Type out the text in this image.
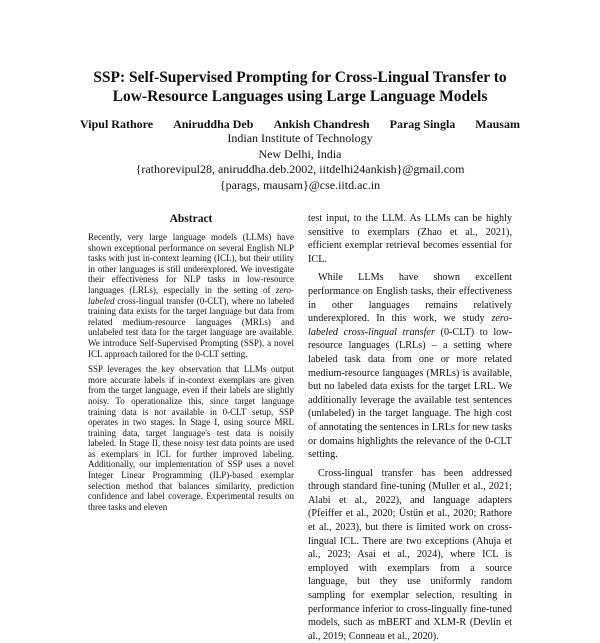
SSP: Self-Supervised Prompting for Cross-Lingual Transfer to
Low-Resource Languages using Large Language Models
Vipul Rathore Aniruddha Deb Ankish Chandresh Parag Singla Mausam
Indian Institute of Technology
New Delhi, India
{rathorevipul28, aniruddha.deb.2002, iitdelhi24ankish}@gmail.com
{parags, mausam}@cse.iitd.ac.in
Abstract

Recently, very large language models (LLMs) have shown exceptional performance on several English NLP tasks with just in-context learning (ICL), but their utility in other languages is still underexplored. We investigate their effectiveness for NLP tasks in low-resource languages (LRLs), especially in the setting of zero-labeled cross-lingual transfer (0-CLT), where no labeled training data exists for the target language but data from related medium-resource languages (MRLs) and unlabeled test data for the target language are available. We introduce Self-Supervised Prompting (SSP), a novel ICL approach tailored for the 0-CLT setting.

SSP leverages the key observation that LLMs output more accurate labels if in-context exemplars are given from the target language, even if their labels are slightly noisy. To operationalize this, since target language training data is not available in 0-CLT setup, SSP operates in two stages. In Stage I, using source MRL training data, target language's test data is noisily labeled. In Stage II, these noisy test data points are used as exemplars in ICL for further improved labeling. Additionally, our implementation of SSP uses a novel Integer Linear Programming (ILP)-based exemplar selection method that balances similarity, prediction confidence and label coverage. Experimental results on three tasks and eleven

test input, to the LLM. As LLMs can be highly sensitive to exemplars (Zhao et al., 2021), efficient exemplar retrieval becomes essential for ICL.

While LLMs have shown excellent performance on English tasks, their effectiveness in other languages remains relatively underexplored. In this work, we study zero-labeled cross-lingual transfer (0-CLT) to low-resource languages (LRLs) – a setting where labeled task data from one or more related medium-resource languages (MRLs) is available, but no labeled data exists for the target LRL. We additionally leverage the available test sentences (unlabeled) in the target language. The high cost of annotating the sentences in LRLs for new tasks or domains highlights the relevance of the 0-CLT setting.

Cross-lingual transfer has been addressed through standard fine-tuning (Muller et al., 2021; Alabi et al., 2022), and language adapters (Pfeiffer et al., 2020; Üstün et al., 2020; Rathore et al., 2023), but there is limited work on cross-lingual ICL. There are two exceptions (Ahuja et al., 2023; Asai et al., 2024), where ICL is employed with exemplars from a source language, but they use uniformly random sampling for exemplar selection, resulting in performance inferior to cross-lingually fine-tuned models, such as mBERT and XLM-R (Devlin et al., 2019; Conneau et al., 2020).
